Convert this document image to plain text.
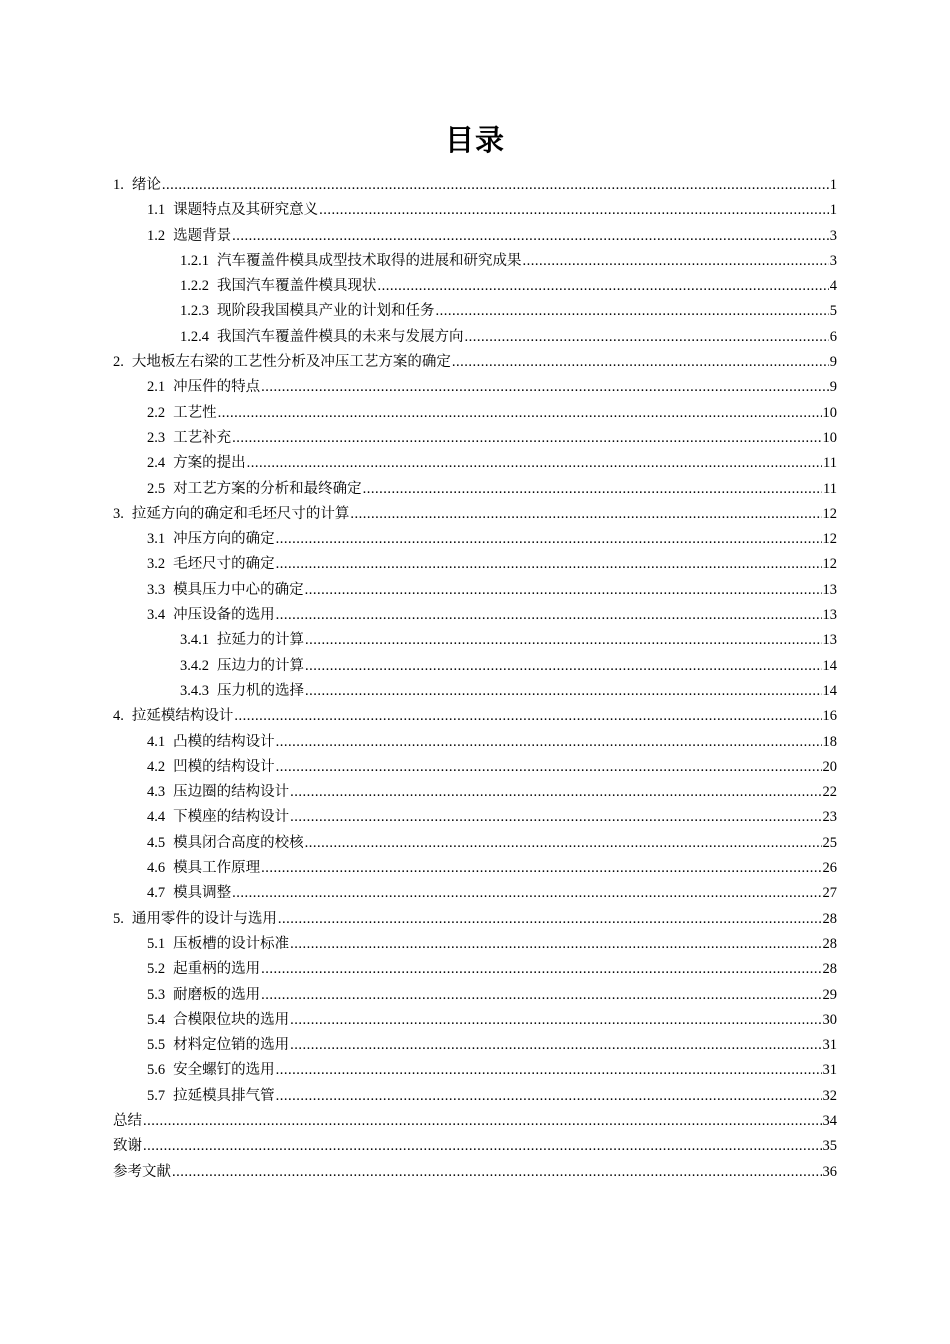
目录
1. 绪论 .....	1
1.1 课题特点及其研究意义 .....	1
1.2 选题背景 .....	3
1.2.1 汽车覆盖件模具成型技术取得的进展和研究成果 .....	3
1.2.2 我国汽车覆盖件模具现状 .....	4
1.2.3 现阶段我国模具产业的计划和任务 .....	5
1.2.4 我国汽车覆盖件模具的未来与发展方向 .....	6
2. 大地板左右梁的工艺性分析及冲压工艺方案的确定 .....	9
2.1 冲压件的特点 .....	9
2.2 工艺性 .....	10
2.3 工艺补充 .....	10
2.4 方案的提出 .....	11
2.5 对工艺方案的分析和最终确定 .....	11
3. 拉延方向的确定和毛坯尺寸的计算 .....	12
3.1 冲压方向的确定 .....	12
3.2 毛坯尺寸的确定 .....	12
3.3 模具压力中心的确定 .....	13
3.4 冲压设备的选用 .....	13
3.4.1 拉延力的计算 .....	13
3.4.2 压边力的计算 .....	14
3.4.3 压力机的选择 .....	14
4. 拉延模结构设计 .....	16
4.1 凸模的结构设计 .....	18
4.2 凹模的结构设计 .....	20
4.3 压边圈的结构设计 .....	22
4.4 下模座的结构设计 .....	23
4.5 模具闭合高度的校核 .....	25
4.6 模具工作原理 .....	26
4.7 模具调整 .....	27
5. 通用零件的设计与选用 .....	28
5.1 压板槽的设计标准 .....	28
5.2 起重柄的选用 .....	28
5.3 耐磨板的选用 .....	29
5.4 合模限位块的选用 .....	30
5.5 材料定位销的选用 .....	31
5.6 安全螺钉的选用 .....	31
5.7 拉延模具排气管 .....	32
总结 .....	34
致谢 .....	35
参考文献 .....	36
